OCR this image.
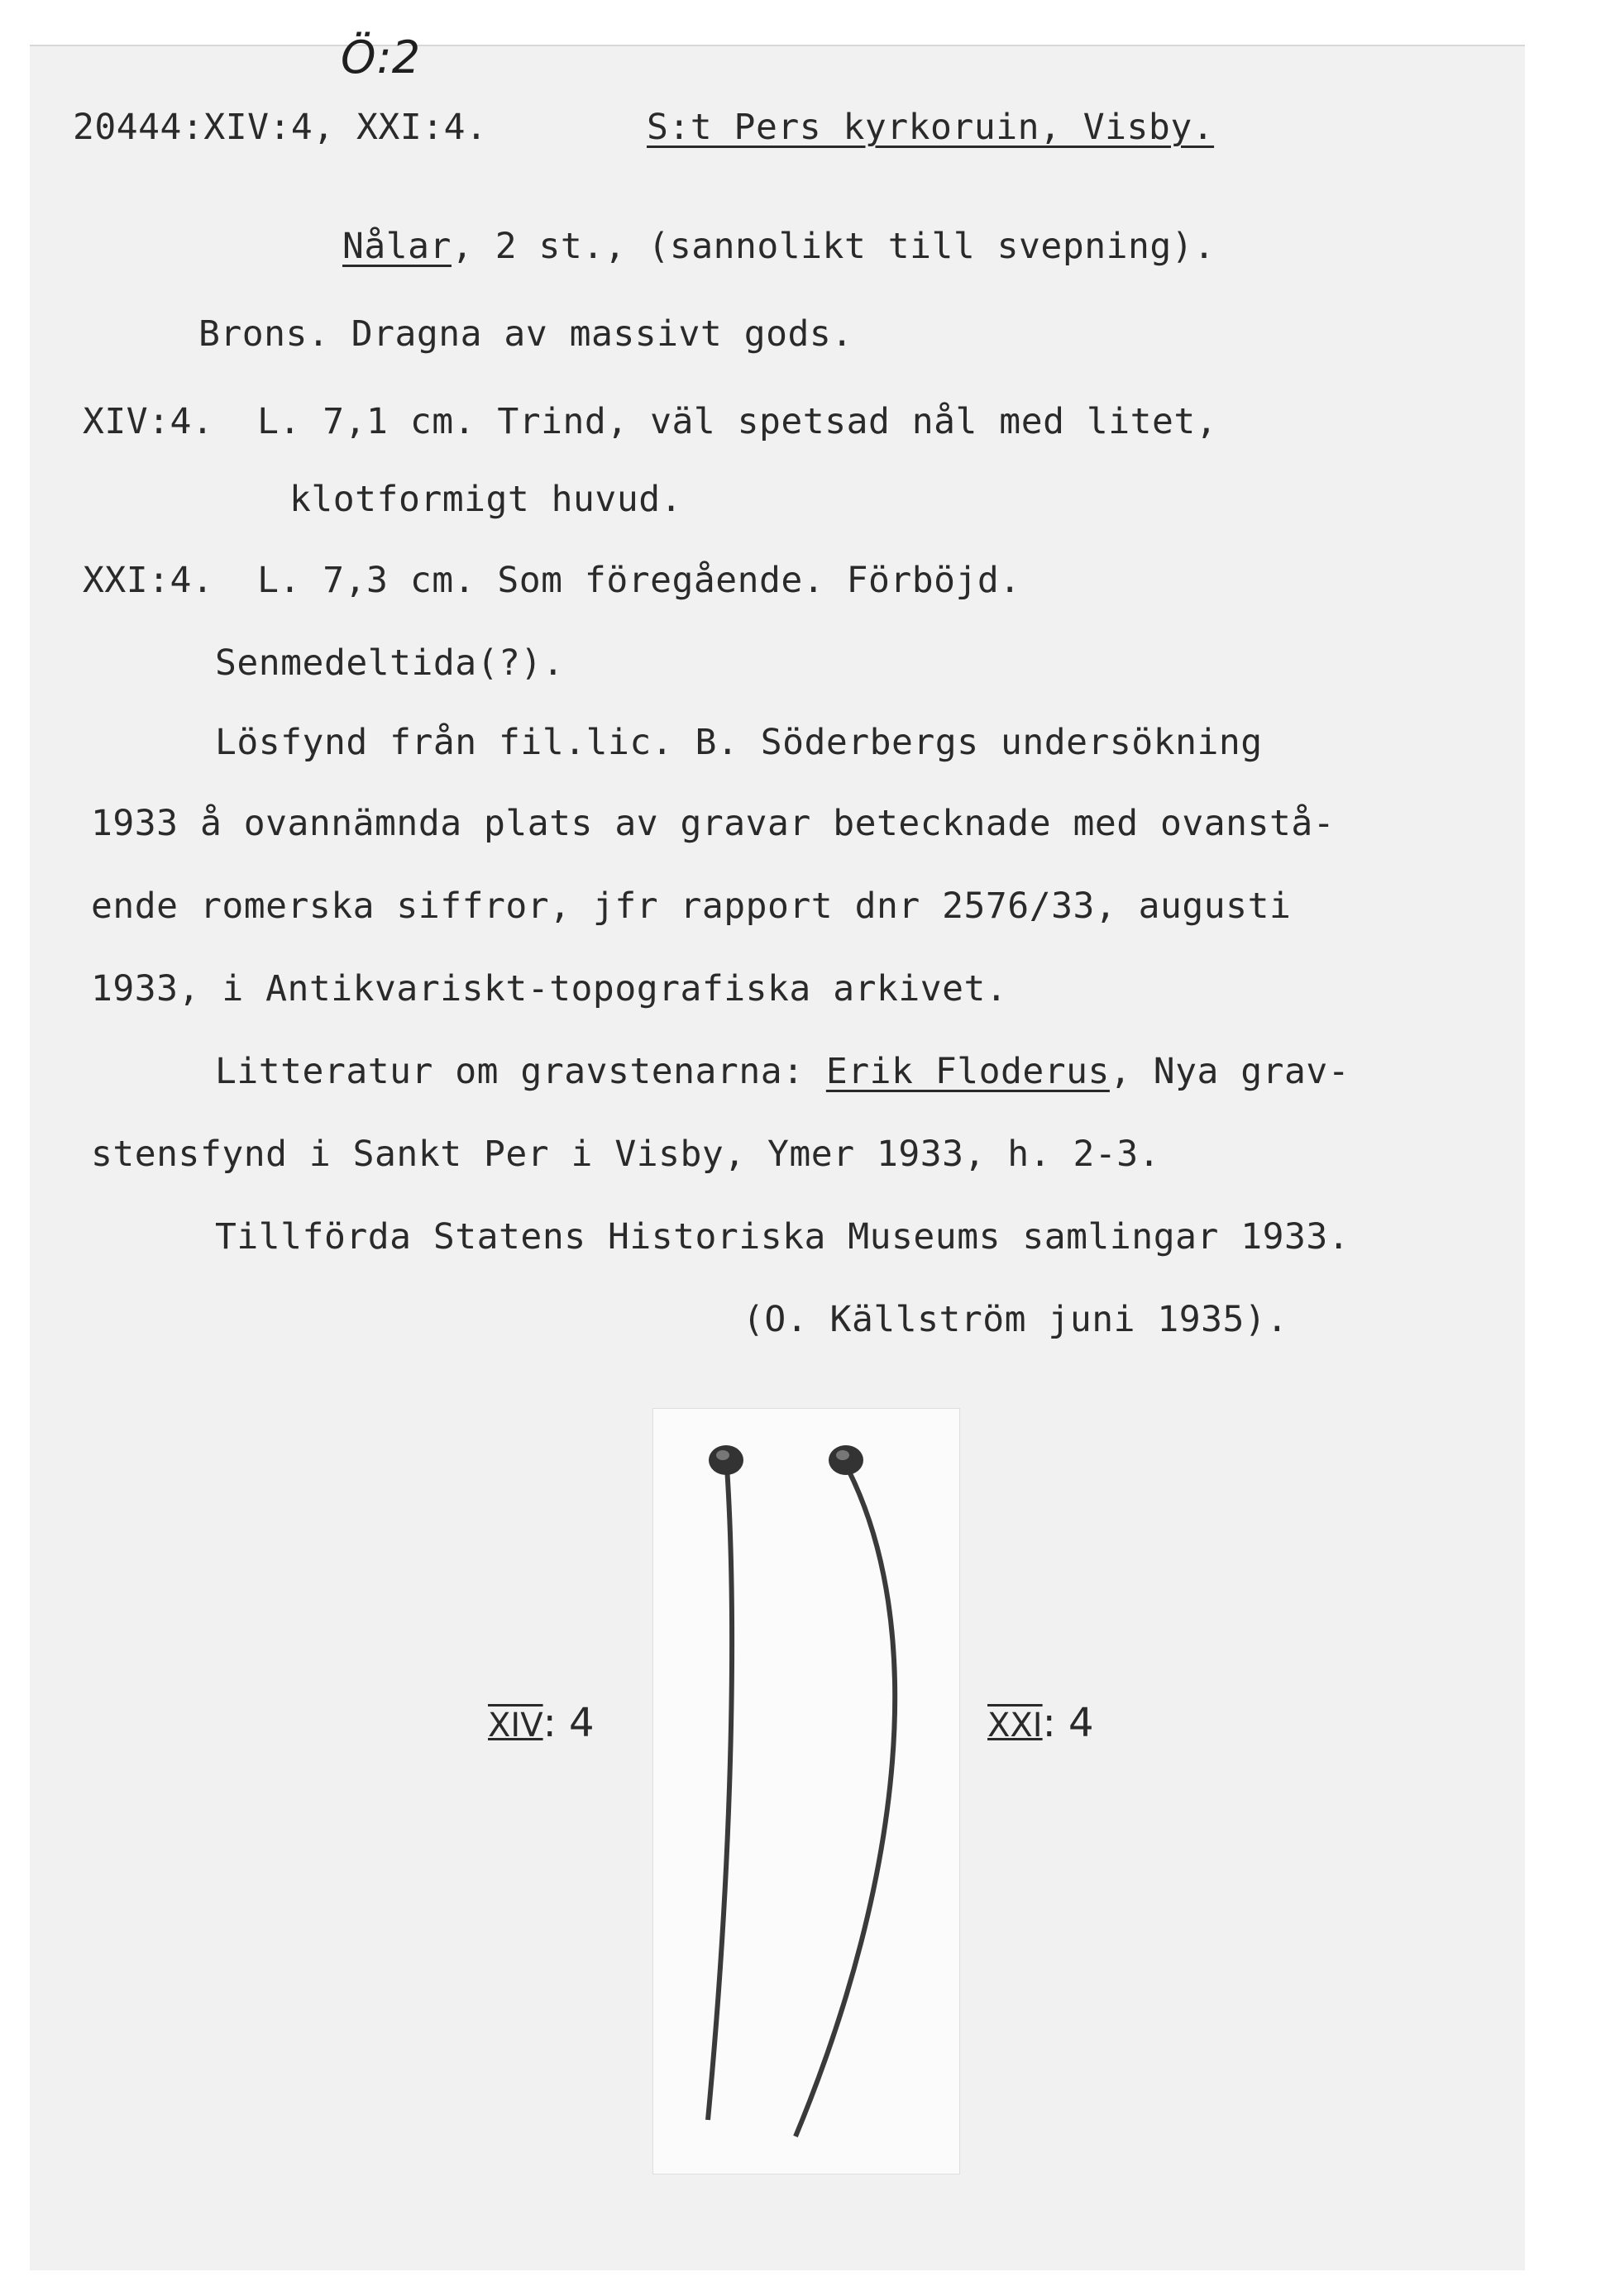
Ö:2
20444:XIV:4, XXI:4.	S:t Pers kyrkoruin, Visby.
Nålar, 2 st., (sannolikt till svepning).
Brons. Dragna av massivt gods.
XIV:4.  L. 7,1 cm. Trind, väl spetsad nål med litet,
klotformigt huvud.
XXI:4.  L. 7,3 cm. Som föregående. Förböjd.
Senmedeltida(?).
Lösfynd från fil.lic. B. Söderbergs undersökning
1933 å ovannämnda plats av gravar betecknade med ovanstå-
ende romerska siffror, jfr rapport dnr 2576/33, augusti
1933, i Antikvariskt-topografiska arkivet.
Litteratur om gravstenarna: Erik Floderus, Nya grav-
stensfynd i Sankt Per i Visby, Ymer 1933, h. 2-3.
Tillförda Statens Historiska Museums samlingar 1933.
(O. Källström juni 1935).
XIV: 4	XXI: 4
